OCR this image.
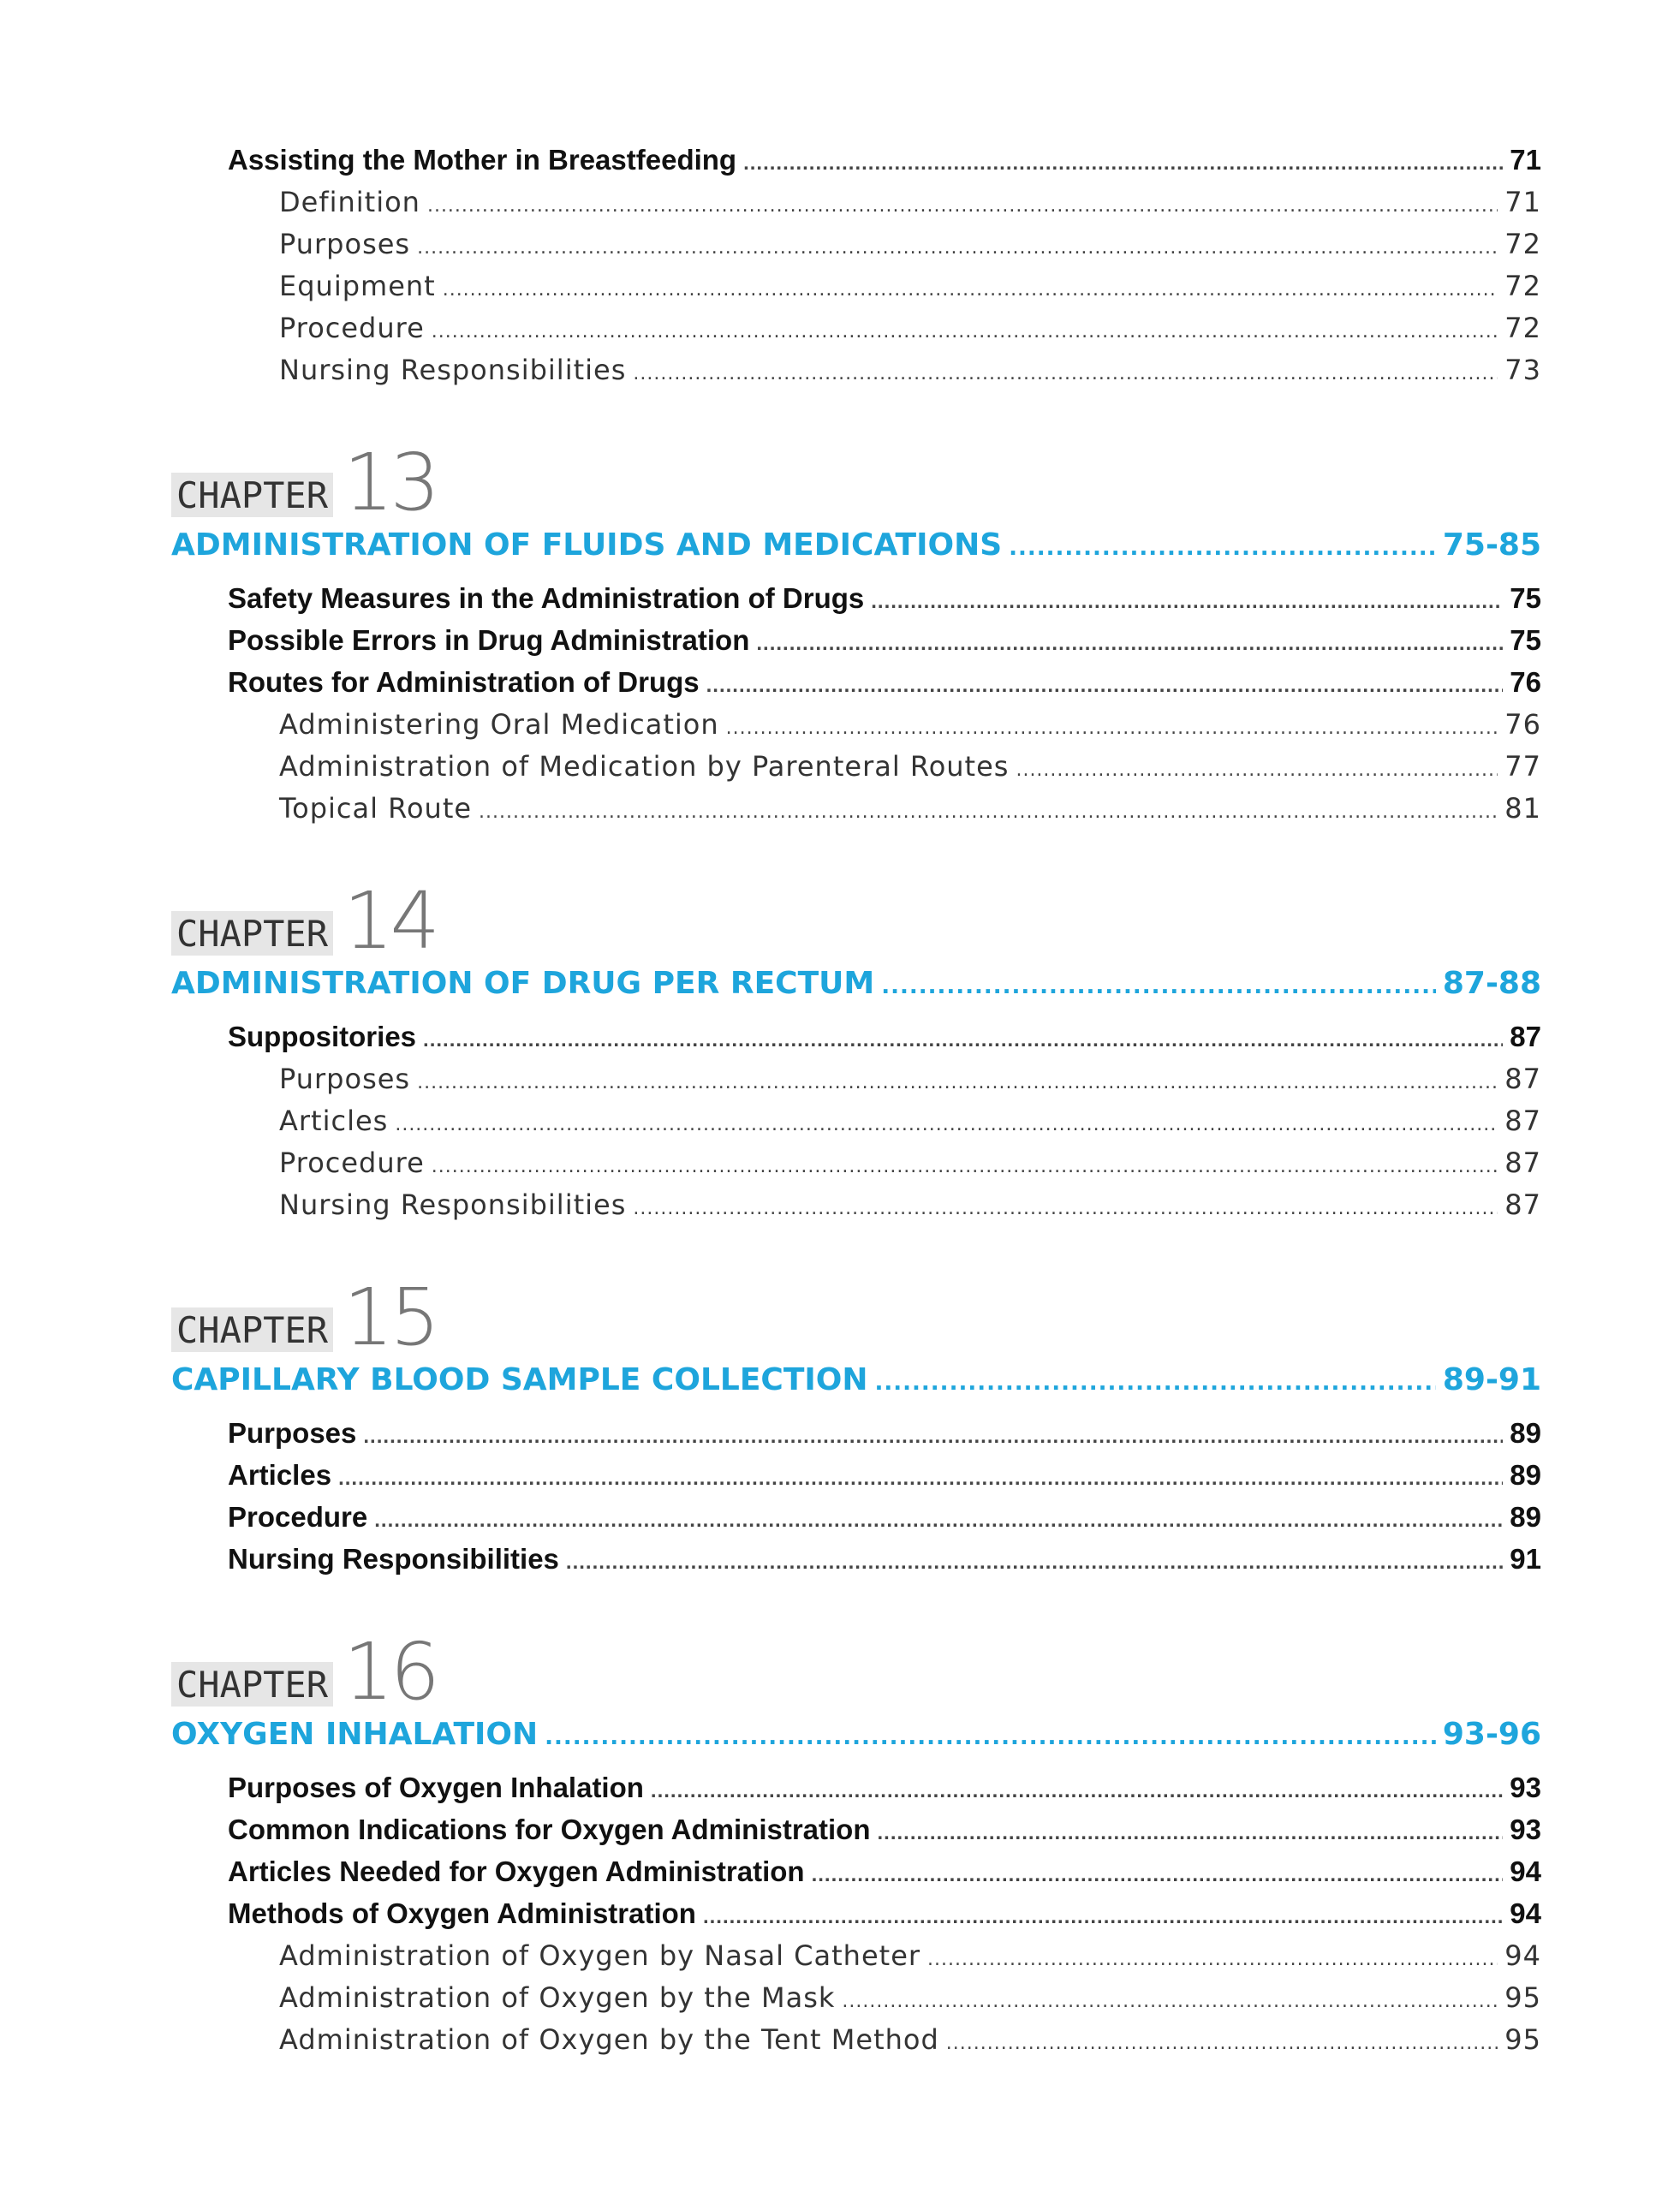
Assisting the Mother in Breastfeeding .....	71
Definition .....	71
Purposes .....	72
Equipment .....	72
Procedure .....	72
Nursing Responsibilities .....	73
CHAPTER 13
ADMINISTRATION OF FLUIDS AND MEDICATIONS .....	75-85
Safety Measures in the Administration of Drugs .....	75
Possible Errors in Drug Administration .....	75
Routes for Administration of Drugs .....	76
Administering Oral Medication .....	76
Administration of Medication by Parenteral Routes .....	77
Topical Route .....	81
CHAPTER 14
ADMINISTRATION OF DRUG PER RECTUM .....	87-88
Suppositories .....	87
Purposes .....	87
Articles .....	87
Procedure .....	87
Nursing Responsibilities .....	87
CHAPTER 15
CAPILLARY BLOOD SAMPLE COLLECTION .....	89-91
Purposes .....	89
Articles .....	89
Procedure .....	89
Nursing Responsibilities .....	91
CHAPTER 16
OXYGEN INHALATION .....	93-96
Purposes of Oxygen Inhalation .....	93
Common Indications for Oxygen Administration .....	93
Articles Needed for Oxygen Administration .....	94
Methods of Oxygen Administration .....	94
Administration of Oxygen by Nasal Catheter .....	94
Administration of Oxygen by the Mask .....	95
Administration of Oxygen by the Tent Method .....	95
